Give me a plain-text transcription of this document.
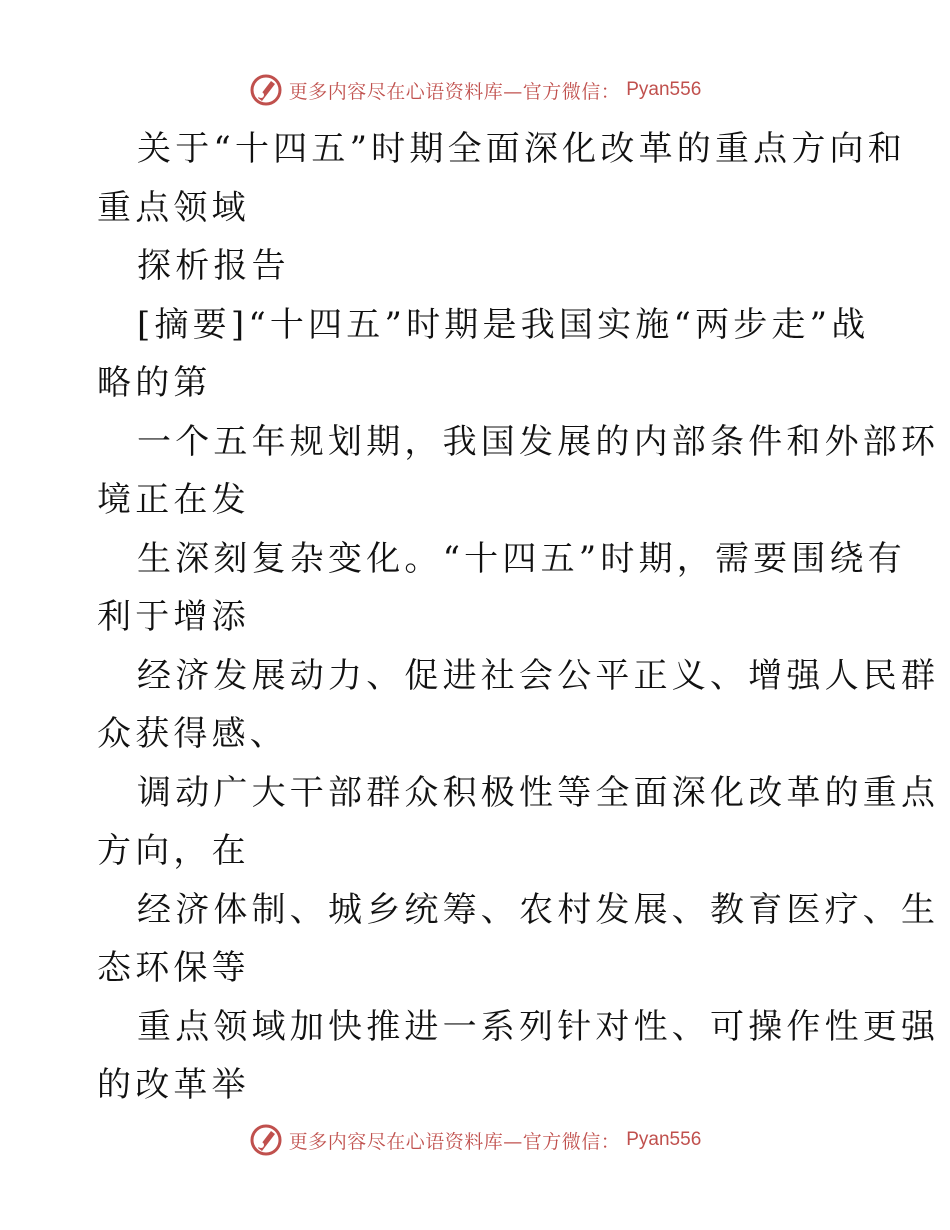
更多内容尽在心语资料库—官方微信： Pyan556

关于“十四五”时期全面深化改革的重点方向和

重点领域

探析报告

[摘要]“十四五”时期是我国实施“两步走”战

略的第

一个五年规划期，我国发展的内部条件和外部环

境正在发

生深刻复杂变化。“十四五”时期，需要围绕有

利于增添

经济发展动力、促进社会公平正义、增强人民群

众获得感、

调动广大干部群众积极性等全面深化改革的重点

方向，在

经济体制、城乡统筹、农村发展、教育医疗、生

态环保等

重点领域加快推进一系列针对性、可操作性更强

的改革举

更多内容尽在心语资料库—官方微信： Pyan556
